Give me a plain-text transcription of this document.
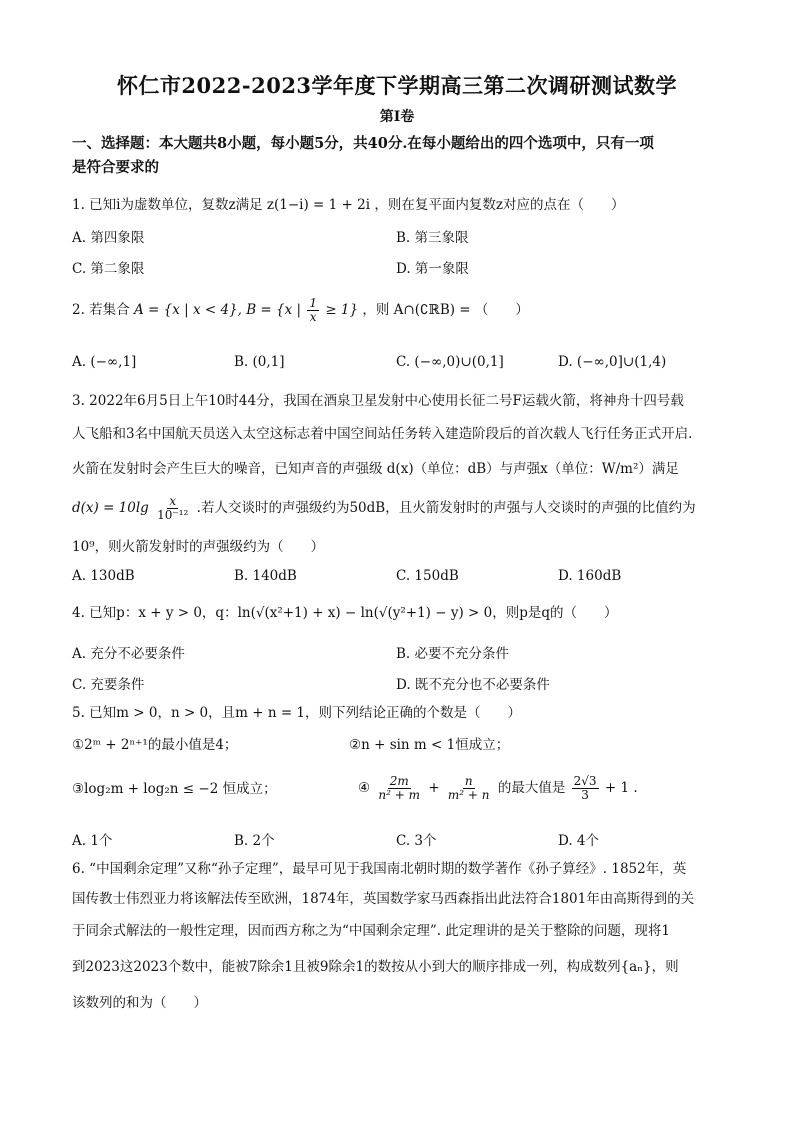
怀仁市2022-2023学年度下学期高三第二次调研测试数学
第I卷
一、选择题：本大题共8小题，每小题5分，共40分.在每小题给出的四个选项中，只有一项
是符合要求的
1. 已知i为虚数单位，复数z满足 z(1−i) = 1 + 2i ，则在复平面内复数z对应的点在（　　）
A. 第四象限	B. 第三象限
C. 第二象限	D. 第一象限
2. 若集合 A = {x | x < 4}, B = {x | $\frac{1}{x} \ge 1$} ，则 A∩(∁ℝB) = （　　）
A. (−∞,1]	B. (0,1]	C. (−∞,0)∪(0,1]	D. (−∞,0]∪(1,4)
3. 2022年6月5日上午10时44分，我国在酒泉卫星发射中心使用长征二号F运载火箭，将神舟十四号载
人飞船和3名中国航天员送入太空这标志着中国空间站任务转入建造阶段后的首次载人飞行任务正式开启.
火箭在发射时会产生巨大的噪音，已知声音的声强级 d(x)（单位：dB）与声强x（单位：W/m²）满足
$d(x) = 10\lg \frac{x}{\text{10⁻¹²}}$ .若人交谈时的声强级约为50dB，且火箭发射时的声强与人交谈时的声强的比值约为
10⁹，则火箭发射时的声强级约为（　　）
A. 130dB	B. 140dB	C. 150dB	D. 160dB
4. 已知p：x + y > 0，q：ln(√(x²+1) + x) − ln(√(y²+1) − y) > 0，则p是q的（　　）
A. 充分不必要条件	B. 必要不充分条件
C. 充要条件	D. 既不充分也不必要条件
5. 已知m > 0，n > 0，且m + n = 1，则下列结论正确的个数是（　　）
①2ᵐ + 2ⁿ⁺¹的最小值是4；	②n + sin m < 1恒成立；
③log₂m + log₂n ≤ −2 恒成立；	④ $\frac{2m}{\text{n² + m}} + \frac{n}{\text{m² + n}}$ 的最大值是 $\frac{2√3}{3} + 1$ .
A. 1个	B. 2个	C. 3个	D. 4个
6. “中国剩余定理”又称“孙子定理”，最早可见于我国南北朝时期的数学著作《孙子算经》. 1852年，英
国传教士伟烈亚力将该解法传至欧洲，1874年，英国数学家马西森指出此法符合1801年由高斯得到的关
于同余式解法的一般性定理，因而西方称之为“中国剩余定理”. 此定理讲的是关于整除的问题，现将1
到2023这2023个数中，能被7除余1且被9除余1的数按从小到大的顺序排成一列，构成数列{aₙ}，则
该数列的和为（　　）
